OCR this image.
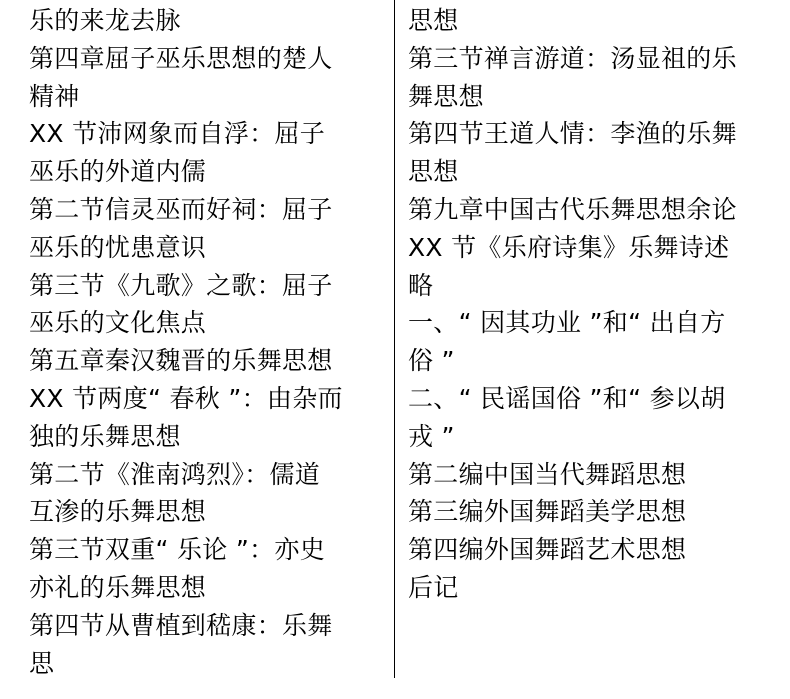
乐的来龙去脉
第四章屈子巫乐思想的楚人
精神
XX 节沛网象而自浮：屈子
巫乐的外道内儒
第二节信灵巫而好祠：屈子
巫乐的忧患意识
第三节《九歌》之歌：屈子
巫乐的文化焦点
第五章秦汉魏晋的乐舞思想
XX 节两度“ 春秋 ”：由杂而
独的乐舞思想
第二节《淮南鸿烈》：儒道
互渗的乐舞思想
第三节双重“ 乐论 ”：亦史
亦礼的乐舞思想
第四节从曹植到嵇康：乐舞
思
思想
第三节禅言游道：汤显祖的乐
舞思想
第四节王道人情：李渔的乐舞
思想
第九章中国古代乐舞思想余论
XX 节《乐府诗集》乐舞诗述
略
一、“ 因其功业 ”和“ 出自方
俗 ”
二、“ 民谣国俗 ”和“ 参以胡
戎 ”
第二编中国当代舞蹈思想
第三编外国舞蹈美学思想
第四编外国舞蹈艺术思想
后记
